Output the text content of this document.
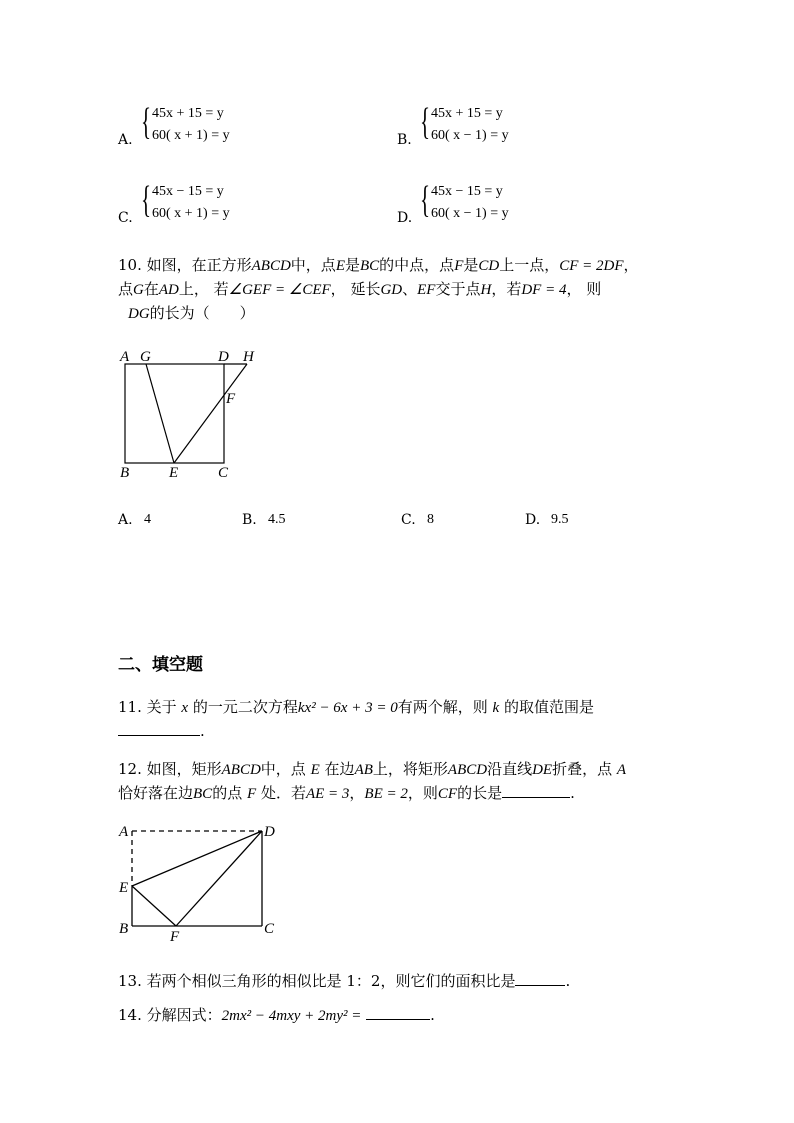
A. { 45x + 15 = y
60( x + 1) = y	B. { 45x + 15 = y
60( x − 1) = y
C. { 45x − 15 = y
60( x + 1) = y	D. { 45x − 15 = y
60( x − 1) = y
10. 如图，在正方形ABCD中，点E是BC的中点，点F是CD上一点，CF = 2DF，
点G在AD上， 若∠GEF = ∠CEF， 延长GD、EF交于点H，若DF = 4， 则
DG的长为（　　）
A G	D H
F
B	E	C
A. 4	B. 4.5	C. 8	D. 9.5
二、填空题
11. 关于 x 的一元二次方程kx² − 6x + 3 = 0有两个解，则 k 的取值范围是
.
12. 如图，矩形ABCD中，点 E 在边AB上，将矩形ABCD沿直线DE折叠，点 A
恰好落在边BC的点 F 处．若AE = 3，BE = 2，则CF的长是	.
A	D
E
B	F	C
13. 若两个相似三角形的相似比是 1：2，则它们的面积比是	.
14. 分解因式：2mx² − 4mxy + 2my² =	.
